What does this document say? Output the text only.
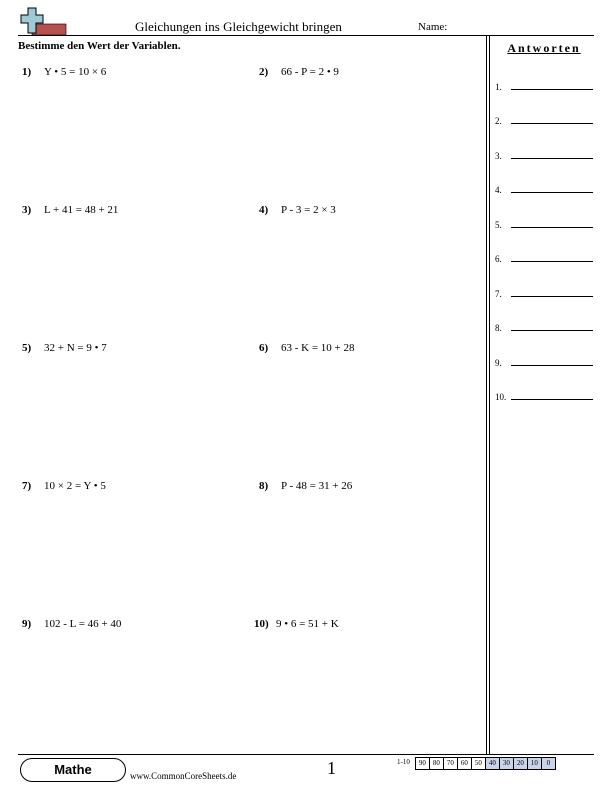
Gleichungen ins Gleichgewicht bringen	Name:
Bestimme den Wert der Variablen.
1) Y • 5 = 10 × 6	2) 66 - P = 2 • 9
3) L + 41 = 48 + 21	4) P - 3 = 2 × 3
5) 32 + N = 9 • 7	6) 63 - K = 10 + 28
7) 10 × 2 = Y • 5	8) P - 48 = 31 + 26
9) 102 - L = 46 + 40	10) 9 • 6 = 51 + K
Antworten
1.
2.
3.
4.
5.
6.
7.
8.
9.
10.
Mathe	www.CommonCoreSheets.de	1	1-10	90	80	70	60	50	40	30	20	10	0
